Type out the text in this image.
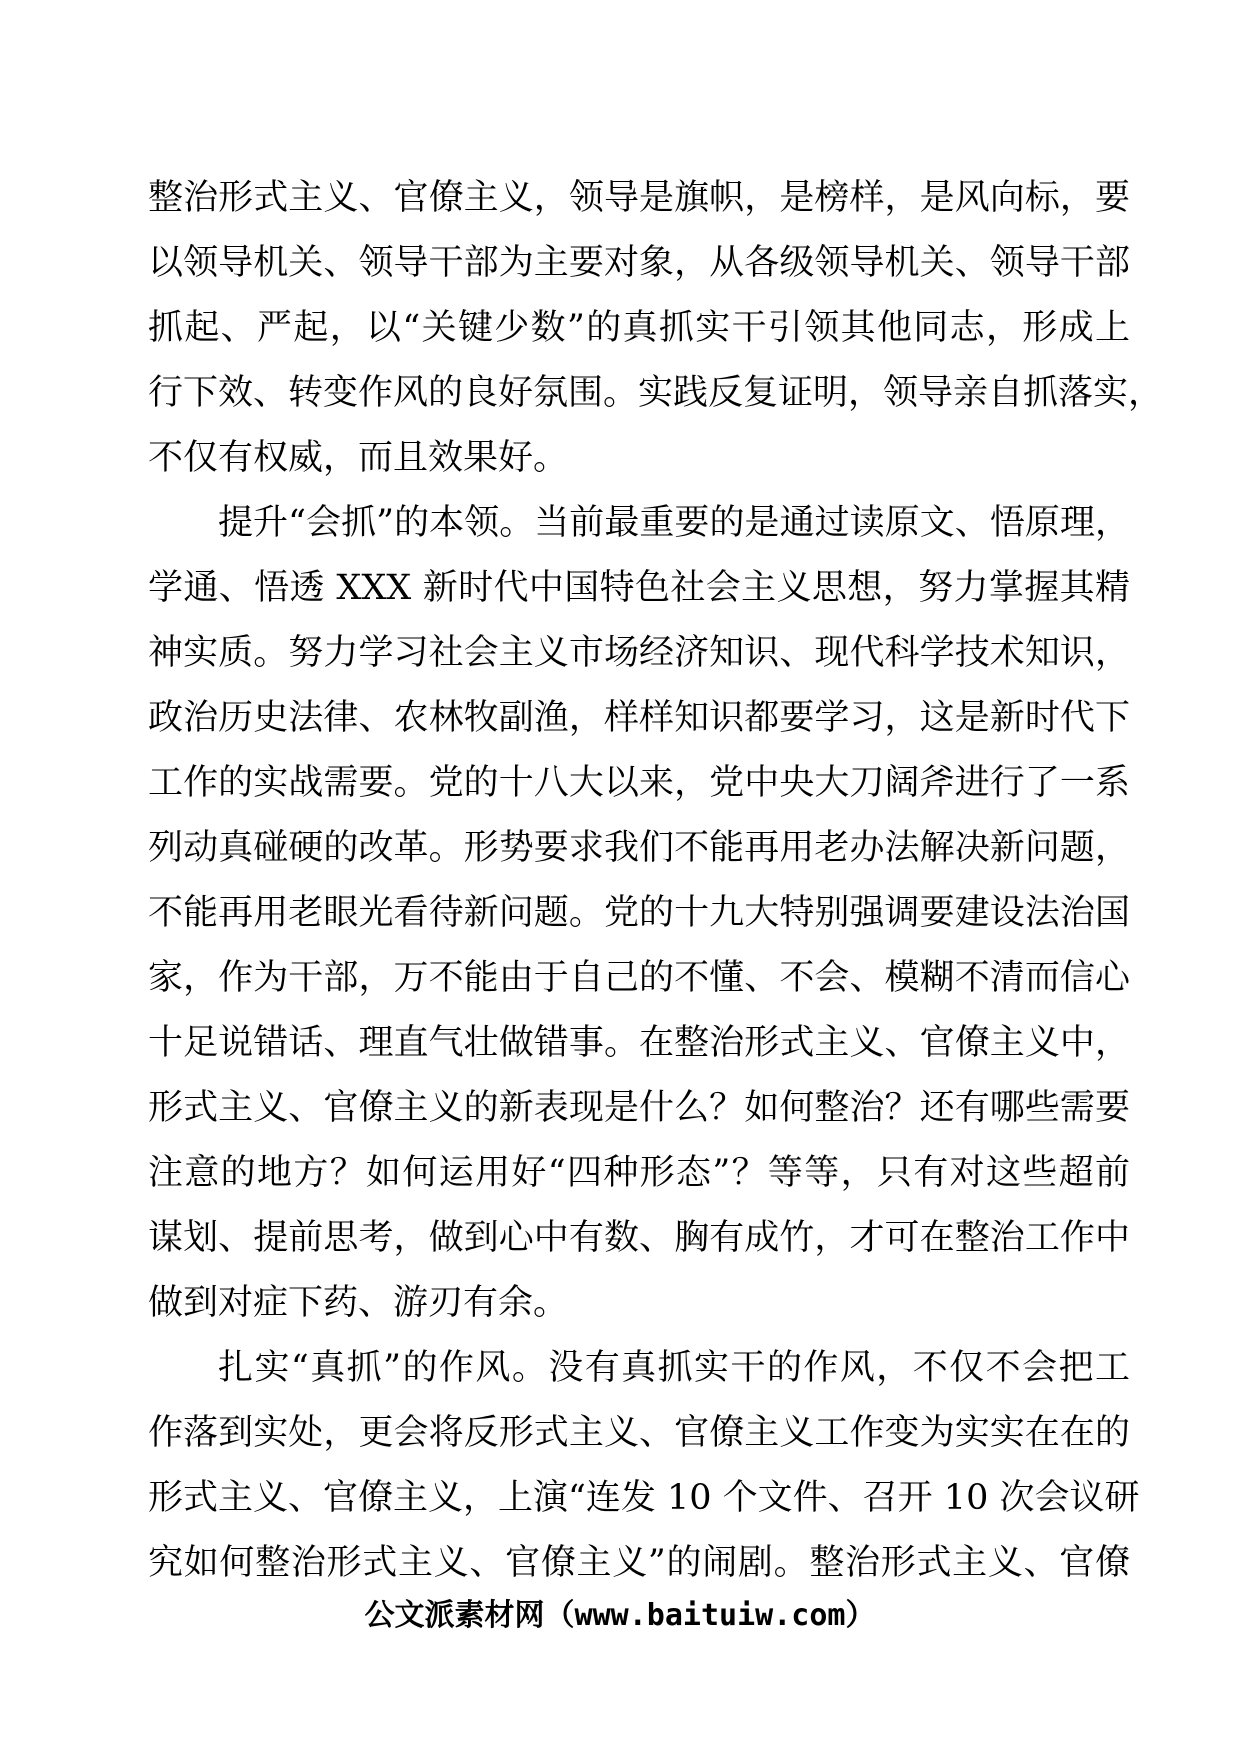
整治形式主义、官僚主义，领导是旗帜，是榜样，是风向标，要
以领导机关、领导干部为主要对象，从各级领导机关、领导干部
抓起、严起，以“关键少数”的真抓实干引领其他同志，形成上
行下效、转变作风的良好氛围。实践反复证明，领导亲自抓落实，
不仅有权威，而且效果好。
提升“会抓”的本领。当前最重要的是通过读原文、悟原理，
学通、悟透 XXX 新时代中国特色社会主义思想，努力掌握其精
神实质。努力学习社会主义市场经济知识、现代科学技术知识，
政治历史法律、农林牧副渔，样样知识都要学习，这是新时代下
工作的实战需要。党的十八大以来，党中央大刀阔斧进行了一系
列动真碰硬的改革。形势要求我们不能再用老办法解决新问题，
不能再用老眼光看待新问题。党的十九大特别强调要建设法治国
家，作为干部，万不能由于自己的不懂、不会、模糊不清而信心
十足说错话、理直气壮做错事。在整治形式主义、官僚主义中，
形式主义、官僚主义的新表现是什么？如何整治？还有哪些需要
注意的地方？如何运用好“四种形态”？等等，只有对这些超前
谋划、提前思考，做到心中有数、胸有成竹，才可在整治工作中
做到对症下药、游刃有余。
扎实“真抓”的作风。没有真抓实干的作风，不仅不会把工
作落到实处，更会将反形式主义、官僚主义工作变为实实在在的
形式主义、官僚主义，上演“连发 10 个文件、召开 10 次会议研
究如何整治形式主义、官僚主义”的闹剧。整治形式主义、官僚
公文派素材网（www.baituiw.com）
